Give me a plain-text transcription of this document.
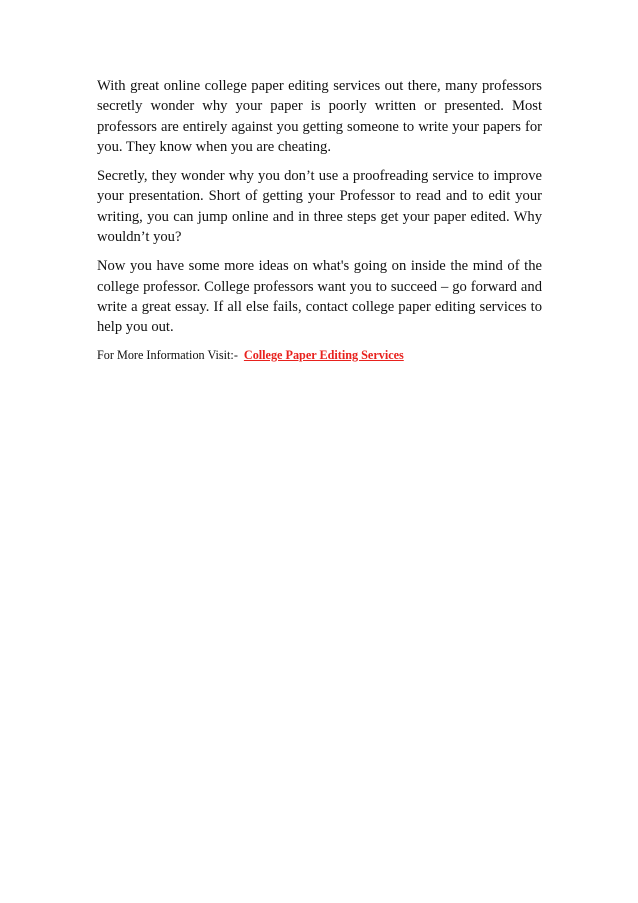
With great online college paper editing services out there, many professors secretly wonder why your paper is poorly written or presented. Most professors are entirely against you getting someone to write your papers for you. They know when you are cheating.

Secretly, they wonder why you don’t use a proofreading service to improve your presentation. Short of getting your Professor to read and to edit your writing, you can jump online and in three steps get your paper edited. Why wouldn’t you?

Now you have some more ideas on what's going on inside the mind of the college professor. College professors want you to succeed – go forward and write a great essay. If all else fails, contact college paper editing services to help you out.

For More Information Visit:- College Paper Editing Services
